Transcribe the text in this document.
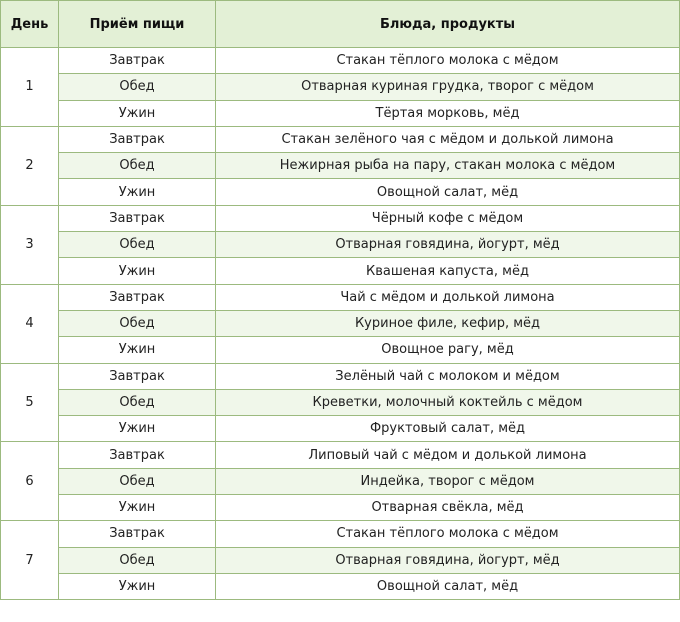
День	Приём пищи	Блюда, продукты
1	Завтрак	Стакан тёплого молока с мёдом
	Обед	Отварная куриная грудка, творог с мёдом
	Ужин	Тёртая морковь, мёд
2	Завтрак	Стакан зелёного чая с мёдом и долькой лимона
	Обед	Нежирная рыба на пару, стакан молока с мёдом
	Ужин	Овощной салат, мёд
3	Завтрак	Чёрный кофе с мёдом
	Обед	Отварная говядина, йогурт, мёд
	Ужин	Квашеная капуста, мёд
4	Завтрак	Чай с мёдом и долькой лимона
	Обед	Куриное филе, кефир, мёд
	Ужин	Овощное рагу, мёд
5	Завтрак	Зелёный чай с молоком и мёдом
	Обед	Креветки, молочный коктейль с мёдом
	Ужин	Фруктовый салат, мёд
6	Завтрак	Липовый чай с мёдом и долькой лимона
	Обед	Индейка, творог с мёдом
	Ужин	Отварная свёкла, мёд
7	Завтрак	Стакан тёплого молока с мёдом
	Обед	Отварная говядина, йогурт, мёд
	Ужин	Овощной салат, мёд
